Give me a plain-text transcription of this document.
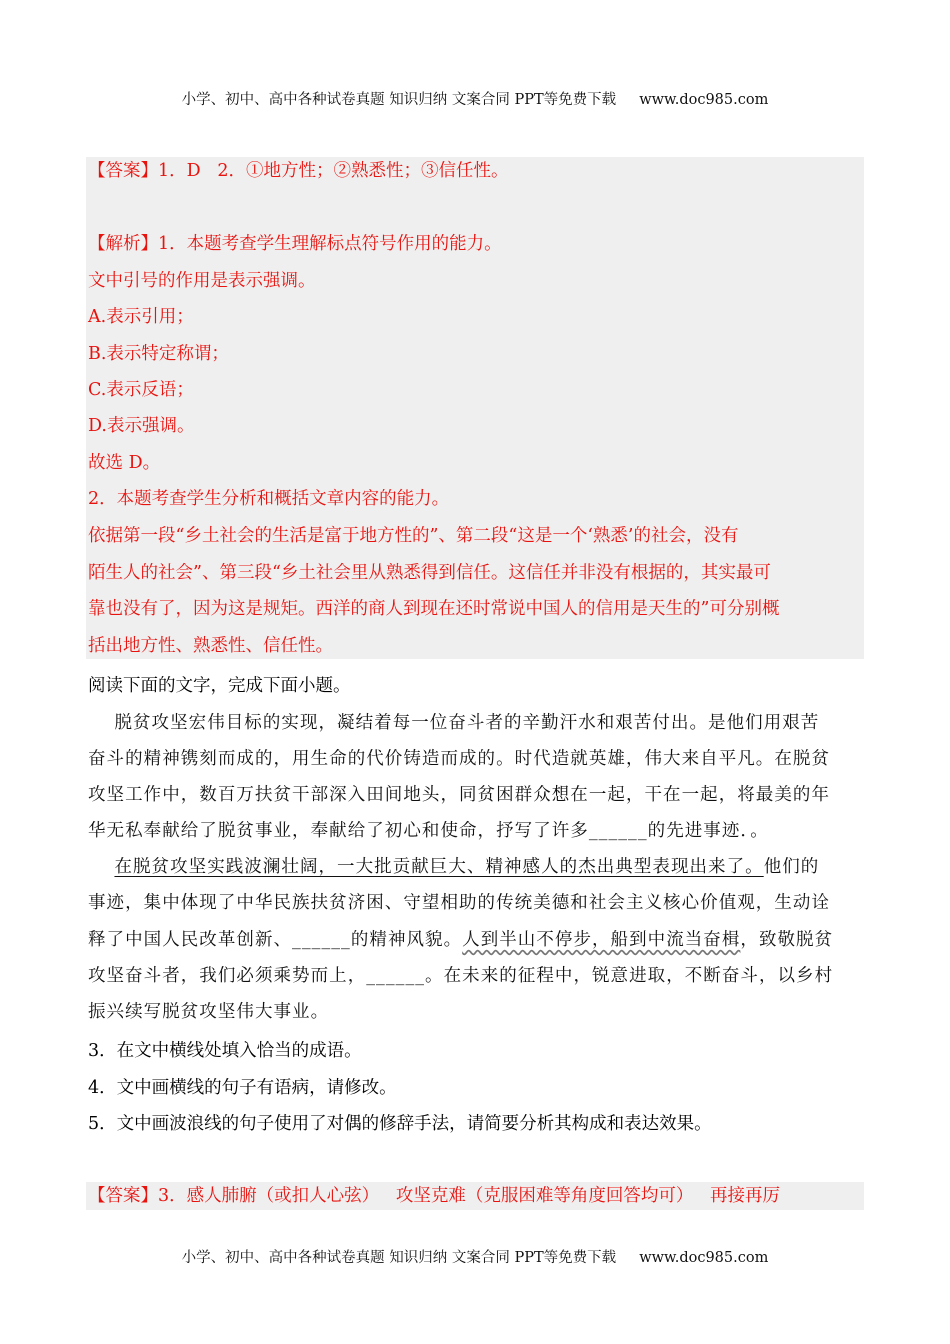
小学、初中、高中各种试卷真题 知识归纳 文案合同 PPT等免费下载     www.doc985.com
【答案】1．D   2．①地方性；②熟悉性；③信任性。
【解析】1．本题考查学生理解标点符号作用的能力。
文中引号的作用是表示强调。
A.表示引用；
B.表示特定称谓；
C.表示反语；
D.表示强调。
故选 D。
2．本题考查学生分析和概括文章内容的能力。
依据第一段“乡土社会的生活是富于地方性的”、第二段“这是一个‘熟悉’的社会，没有
陌生人的社会”、第三段“乡土社会里从熟悉得到信任。这信任并非没有根据的，其实最可
靠也没有了，因为这是规矩。西洋的商人到现在还时常说中国人的信用是天生的”可分别概
括出地方性、熟悉性、信任性。
阅读下面的文字，完成下面小题。
脱贫攻坚宏伟目标的实现，凝结着每一位奋斗者的辛勤汗水和艰苦付出。是他们用艰苦
奋斗的精神镌刻而成的，用生命的代价铸造而成的。时代造就英雄，伟大来自平凡。在脱贫
攻坚工作中，数百万扶贫干部深入田间地头，同贫困群众想在一起，干在一起，将最美的年
华无私奉献给了脱贫事业，奉献给了初心和使命，抒写了许多______的先进事迹．。
在脱贫攻坚实践波澜壮阔，一大批贡献巨大、精神感人的杰出典型表现出来了。他们的
事迹，集中体现了中华民族扶贫济困、守望相助的传统美德和社会主义核心价值观，生动诠
释了中国人民改革创新、______的精神风貌。人到半山不停步，船到中流当奋楫，致敬脱贫
攻坚奋斗者，我们必须乘势而上，______。在未来的征程中，锐意进取，不断奋斗，以乡村
振兴续写脱贫攻坚伟大事业。
3．在文中横线处填入恰当的成语。
4．文中画横线的句子有语病，请修改。
5．文中画波浪线的句子使用了对偶的修辞手法，请简要分析其构成和表达效果。
【答案】3．感人肺腑（或扣人心弦）   攻坚克难（克服困难等角度回答均可）   再接再厉
小学、初中、高中各种试卷真题 知识归纳 文案合同 PPT等免费下载     www.doc985.com
